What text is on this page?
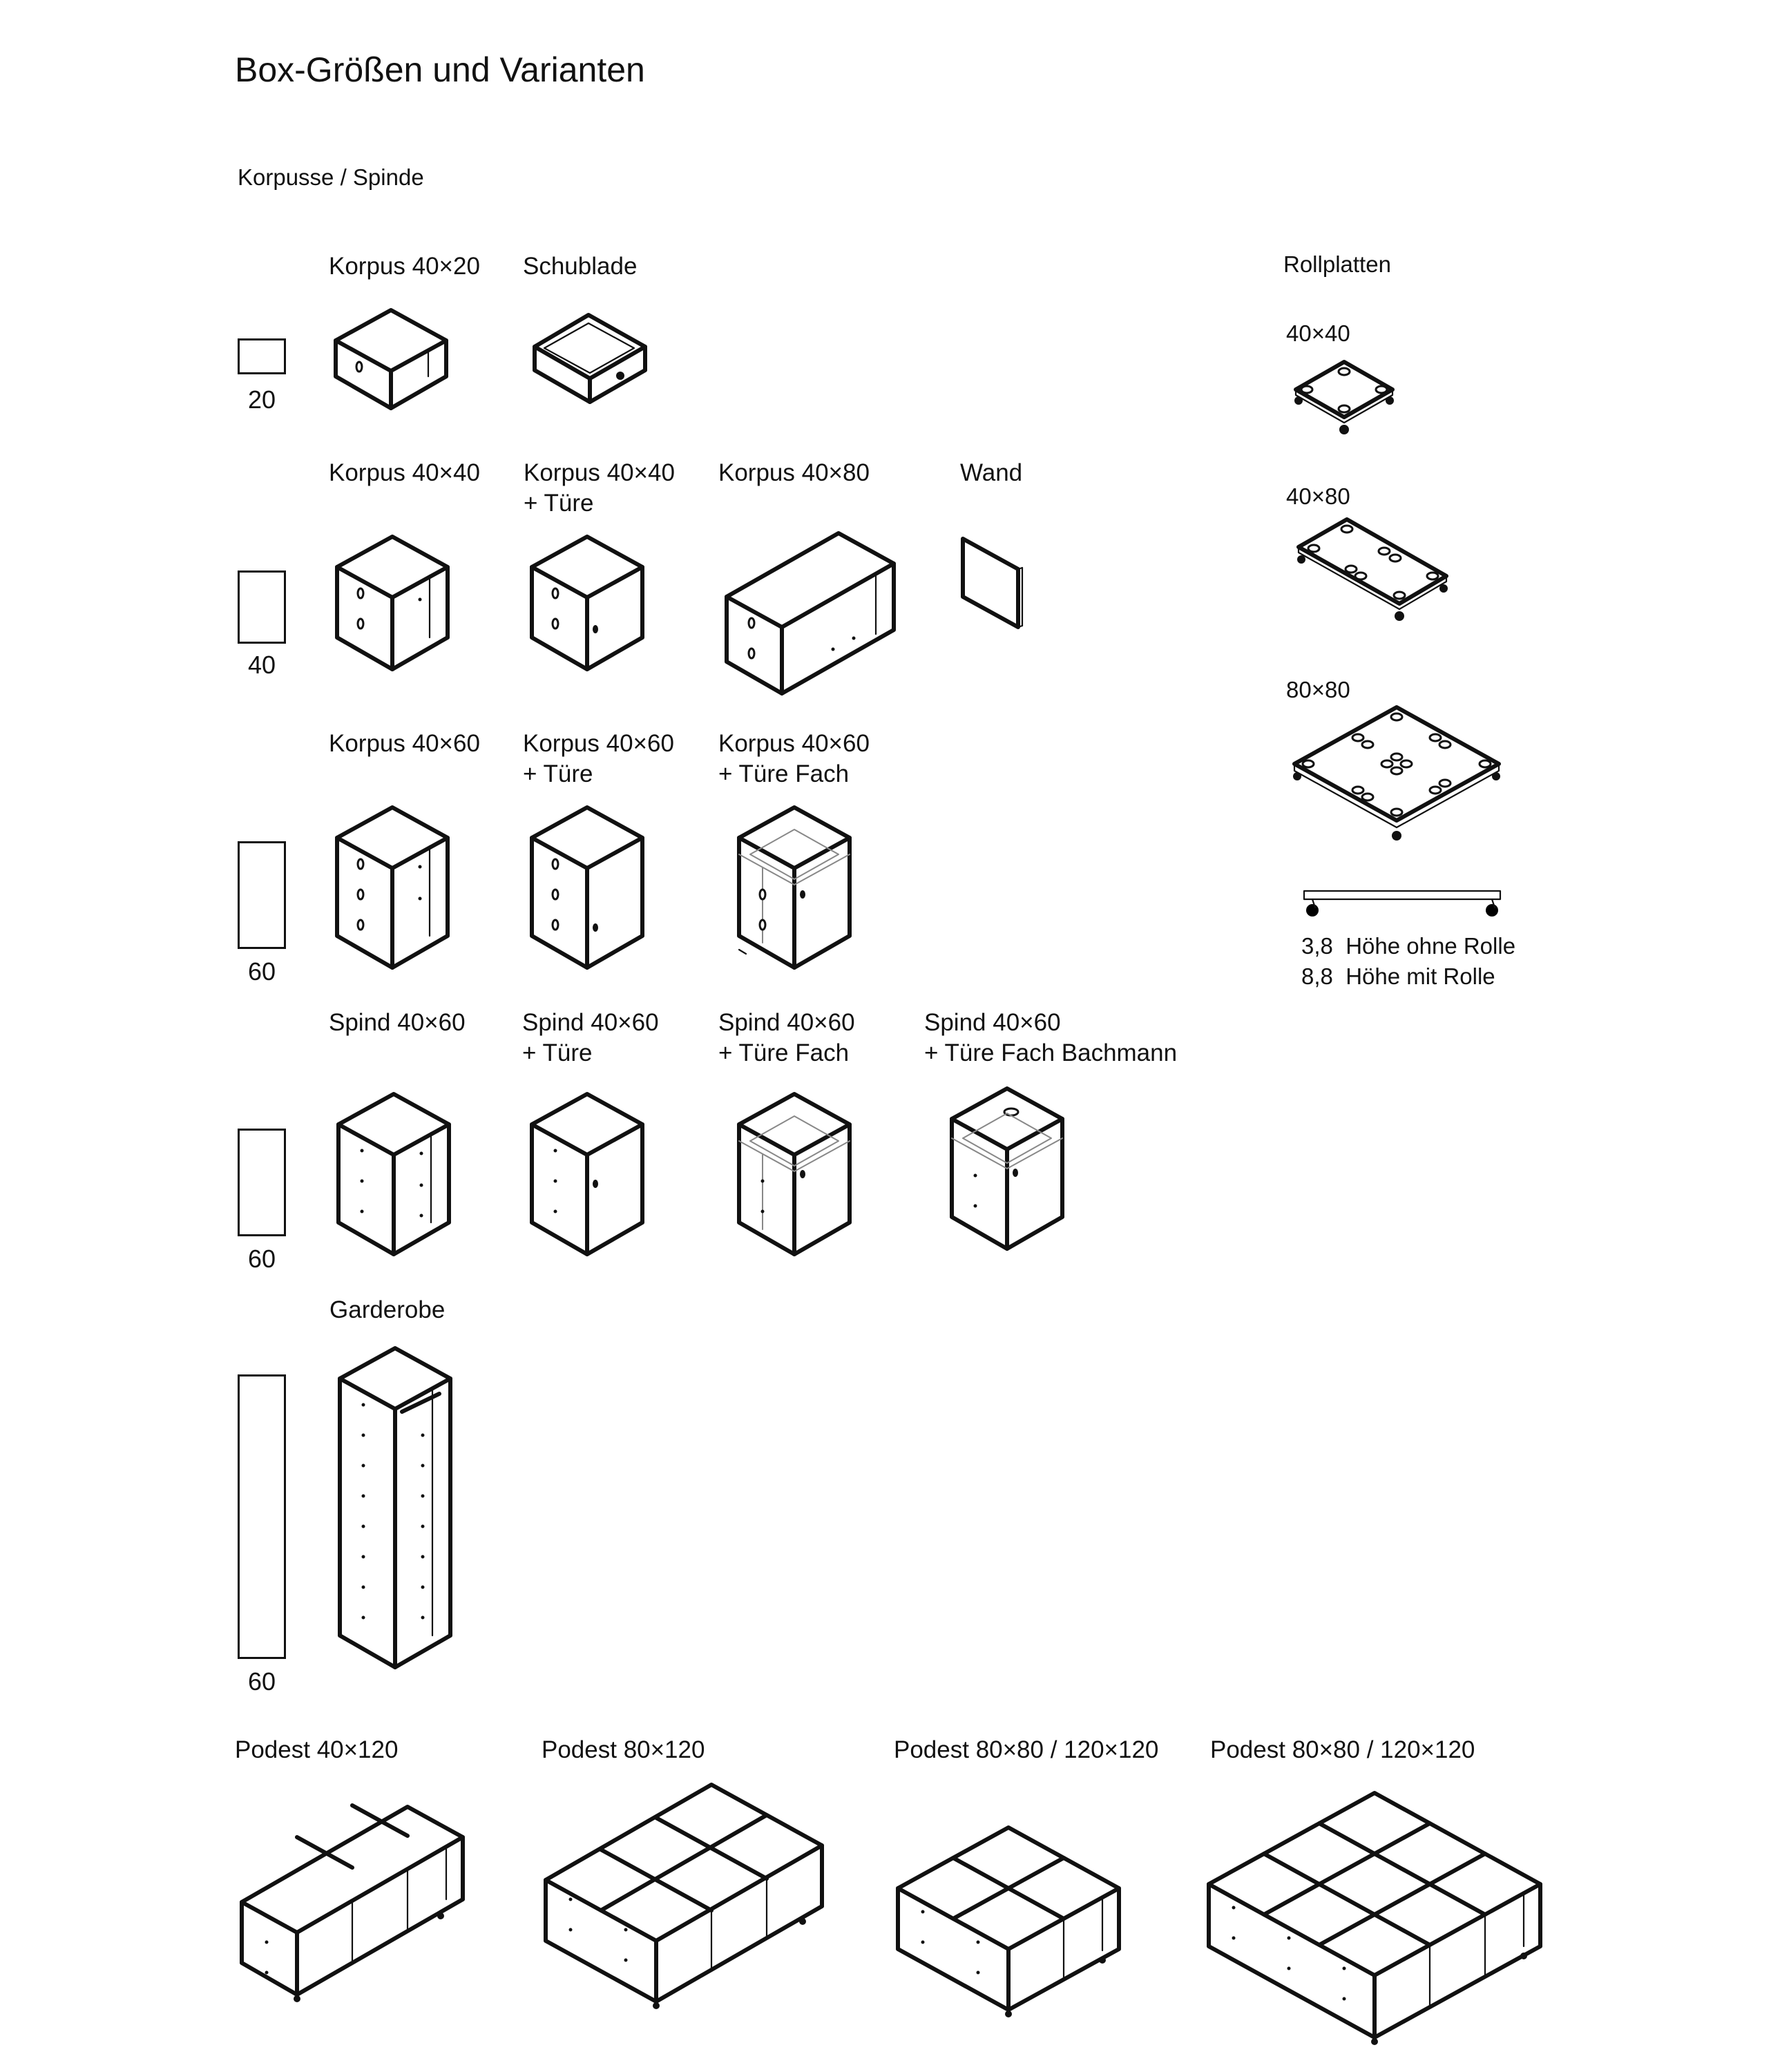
Box-Größen und Varianten
Korpusse / Spinde
Rollplatten
20
Korpus 40×20 Schublade
40
Korpus 40×40 Korpus 40×40
+ Türe
Korpus 40×80	Wand
60
Korpus 40×60 Korpus 40×60
+ Türe
Korpus 40×60
+ Türe Fach
60
Spind 40×60 Spind 40×60
+ Türe
Spind 40×60
+ Türe Fach
Spind 40×60
+ Türe Fach Bachmann
60
Garderobe
40×40
40×80
80×80
3,8  Höhe ohne Rolle
8,8  Höhe mit Rolle
Podest 40×120	Podest 80×120	Podest 80×80 / 120×120 Podest 80×80 / 120×120
